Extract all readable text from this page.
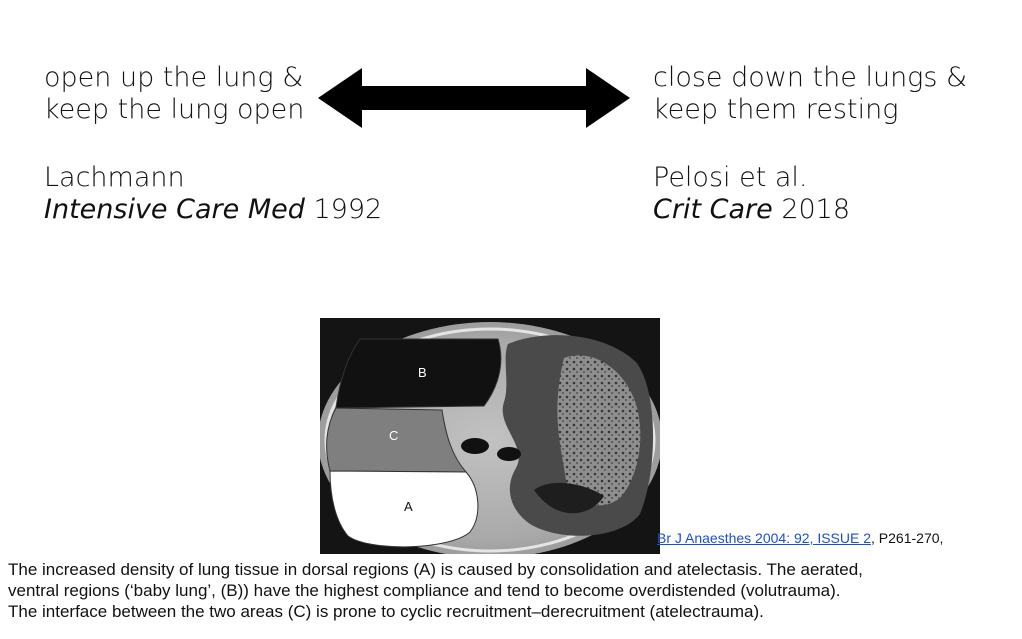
open up the lung &
keep the lung open
close down the lungs &
keep them resting
Lachmann
Intensive Care Med 1992
Pelosi et al.
Crit Care 2018
B
C
A
Br J Anaesthes 2004: 92, ISSUE 2, P261-270,
The increased density of lung tissue in dorsal regions (A) is caused by consolidation and atelectasis. The aerated,
ventral regions (‘baby lung’, (B)) have the highest compliance and tend to become overdistended (volutrauma).
The interface between the two areas (C) is prone to cyclic recruitment–derecruitment (atelectrauma).
